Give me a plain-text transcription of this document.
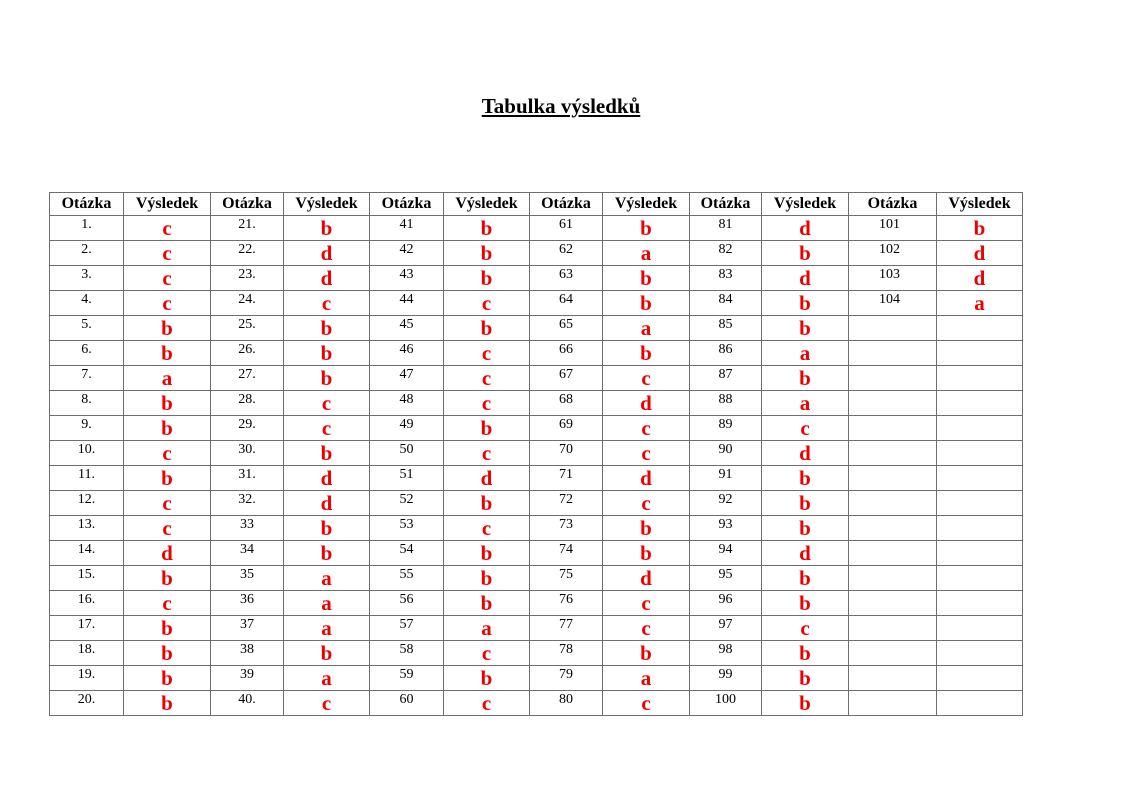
Tabulka výsledků
Otázka	Výsledek	Otázka	Výsledek	Otázka	Výsledek	Otázka	Výsledek	Otázka	Výsledek	Otázka	Výsledek
1.	c	21.	b	41	b	61	b	81	d	101	b
2.	c	22.	d	42	b	62	a	82	b	102	d
3.	c	23.	d	43	b	63	b	83	d	103	d
4.	c	24.	c	44	c	64	b	84	b	104	a
5.	b	25.	b	45	b	65	a	85	b		
6.	b	26.	b	46	c	66	b	86	a		
7.	a	27.	b	47	c	67	c	87	b		
8.	b	28.	c	48	c	68	d	88	a		
9.	b	29.	c	49	b	69	c	89	c		
10.	c	30.	b	50	c	70	c	90	d		
11.	b	31.	d	51	d	71	d	91	b		
12.	c	32.	d	52	b	72	c	92	b		
13.	c	33	b	53	c	73	b	93	b		
14.	d	34	b	54	b	74	b	94	d		
15.	b	35	a	55	b	75	d	95	b		
16.	c	36	a	56	b	76	c	96	b		
17.	b	37	a	57	a	77	c	97	c		
18.	b	38	b	58	c	78	b	98	b		
19.	b	39	a	59	b	79	a	99	b		
20.	b	40.	c	60	c	80	c	100	b		
